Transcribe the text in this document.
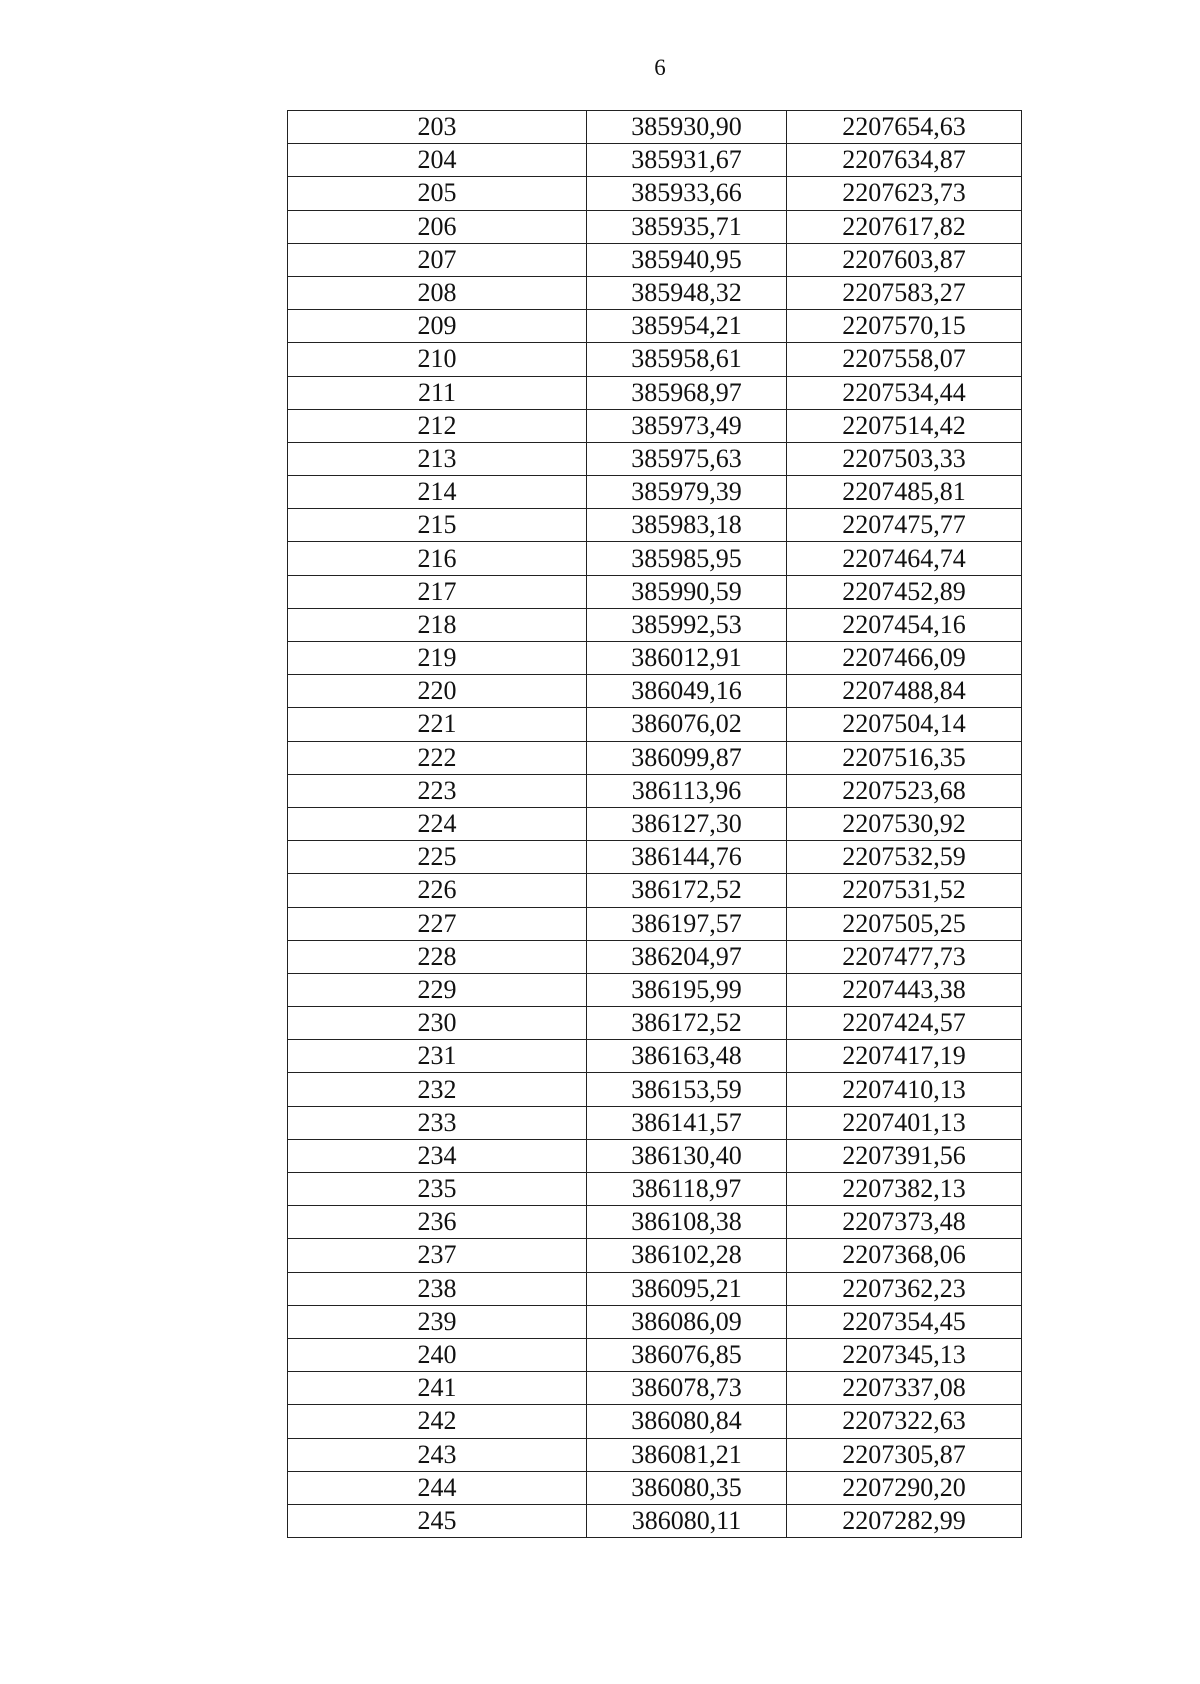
6
203	385930,90	2207654,63
204	385931,67	2207634,87
205	385933,66	2207623,73
206	385935,71	2207617,82
207	385940,95	2207603,87
208	385948,32	2207583,27
209	385954,21	2207570,15
210	385958,61	2207558,07
211	385968,97	2207534,44
212	385973,49	2207514,42
213	385975,63	2207503,33
214	385979,39	2207485,81
215	385983,18	2207475,77
216	385985,95	2207464,74
217	385990,59	2207452,89
218	385992,53	2207454,16
219	386012,91	2207466,09
220	386049,16	2207488,84
221	386076,02	2207504,14
222	386099,87	2207516,35
223	386113,96	2207523,68
224	386127,30	2207530,92
225	386144,76	2207532,59
226	386172,52	2207531,52
227	386197,57	2207505,25
228	386204,97	2207477,73
229	386195,99	2207443,38
230	386172,52	2207424,57
231	386163,48	2207417,19
232	386153,59	2207410,13
233	386141,57	2207401,13
234	386130,40	2207391,56
235	386118,97	2207382,13
236	386108,38	2207373,48
237	386102,28	2207368,06
238	386095,21	2207362,23
239	386086,09	2207354,45
240	386076,85	2207345,13
241	386078,73	2207337,08
242	386080,84	2207322,63
243	386081,21	2207305,87
244	386080,35	2207290,20
245	386080,11	2207282,99
